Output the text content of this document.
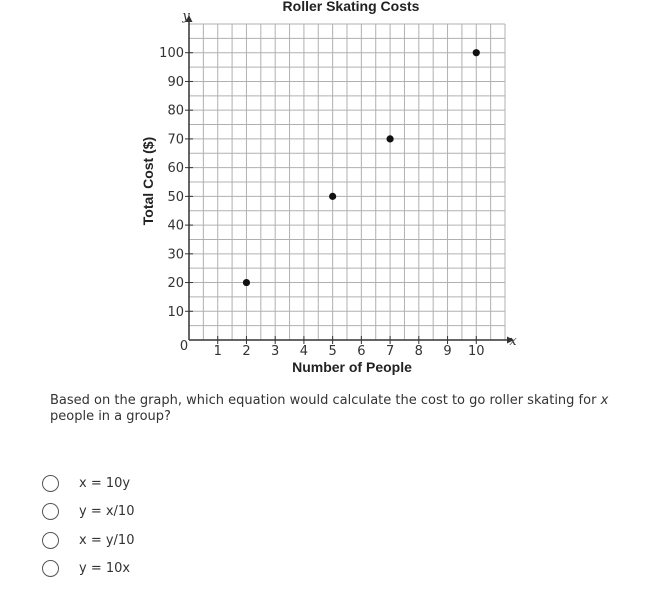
Roller Skating Costs
1 2 3 4 5 6 7 8 9 10
10
20
30
40
50
60
70
80
90
100
y
x
0
Number of People
Total Cost ($)
Based on the graph, which equation would calculate the cost to go roller skating for x
people in a group?
x = 10y
y = x/10
x = y/10
y = 10x
